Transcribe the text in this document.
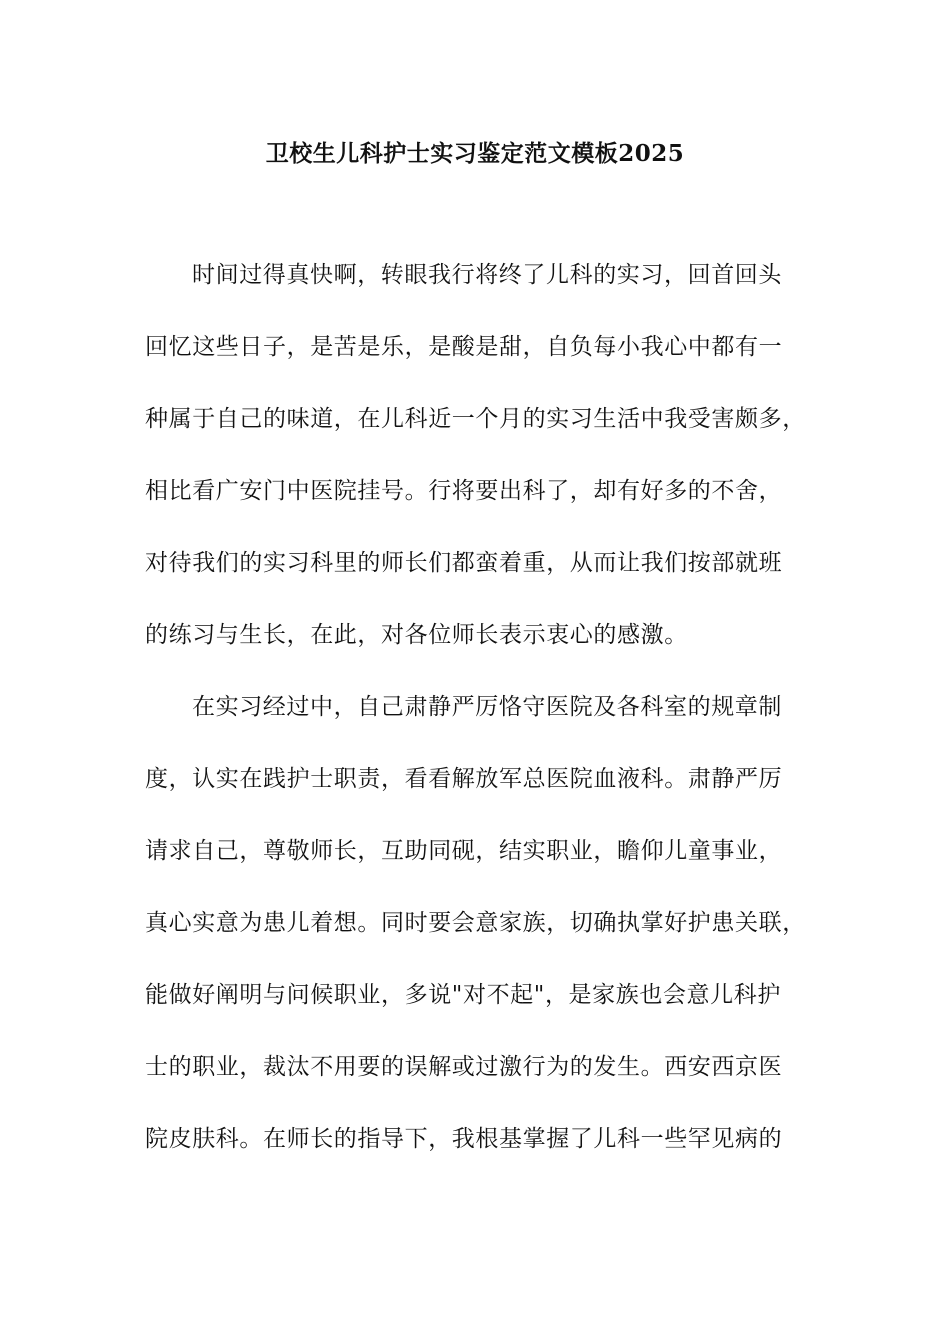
卫校生儿科护士实习鉴定范文模板2025
时间过得真快啊，转眼我行将终了儿科的实习，回首回头
回忆这些日子，是苦是乐，是酸是甜，自负每小我心中都有一
种属于自己的味道，在儿科近一个月的实习生活中我受害颇多，
相比看广安门中医院挂号。行将要出科了，却有好多的不舍，
对待我们的实习科里的师长们都蛮着重，从而让我们按部就班
的练习与生长，在此，对各位师长表示衷心的感激。
在实习经过中，自己肃静严厉恪守医院及各科室的规章制
度，认实在践护士职责，看看解放军总医院血液科。肃静严厉
请求自己，尊敬师长，互助同砚，结实职业，瞻仰儿童事业，
真心实意为患儿着想。同时要会意家族，切确执掌好护患关联，
能做好阐明与问候职业，多说"对不起"，是家族也会意儿科护
士的职业，裁汰不用要的误解或过激行为的发生。西安西京医
院皮肤科。在师长的指导下，我根基掌握了儿科一些罕见病的
